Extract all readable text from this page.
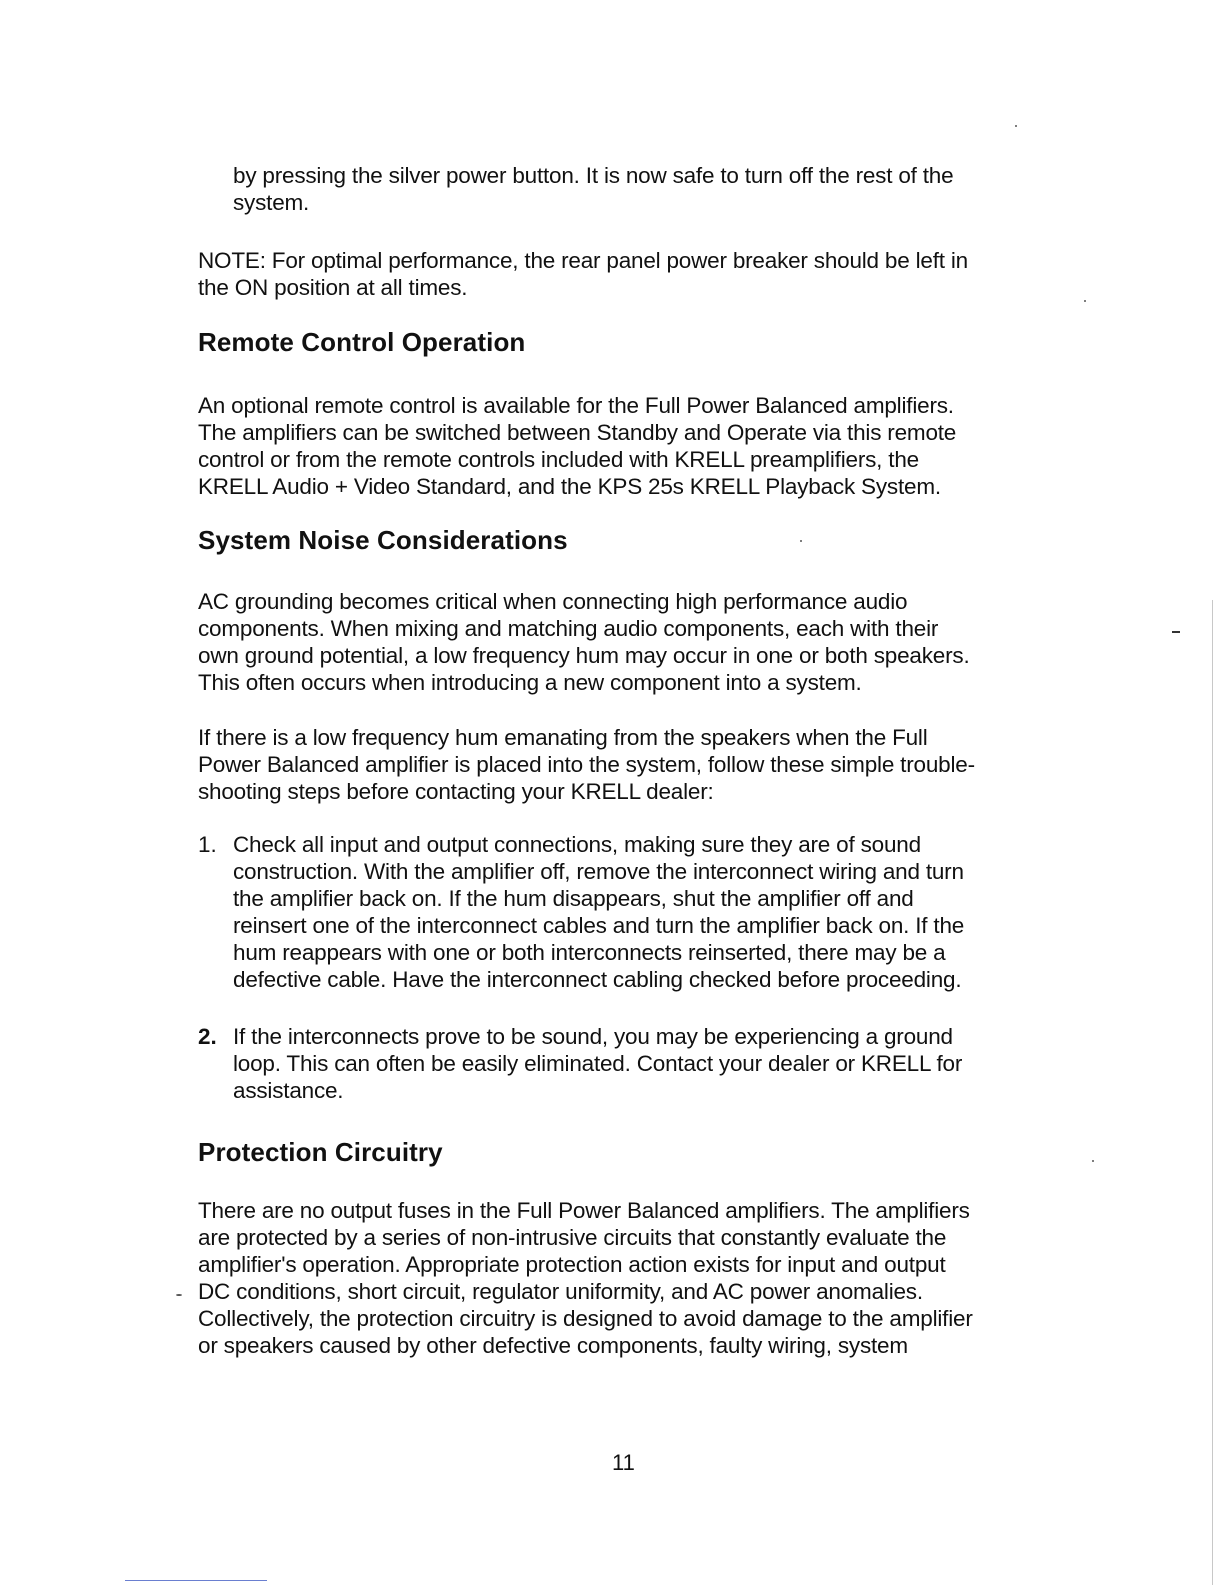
by pressing the silver power button. It is now safe to turn off the rest of the
system.

NOTE: For optimal performance, the rear panel power breaker should be left in
the ON position at all times.

Remote Control Operation

An optional remote control is available for the Full Power Balanced amplifiers.
The amplifiers can be switched between Standby and Operate via this remote
control or from the remote controls included with KRELL preamplifiers, the
KRELL Audio + Video Standard, and the KPS 25s KRELL Playback System.

System Noise Considerations

AC grounding becomes critical when connecting high performance audio
components. When mixing and matching audio components, each with their
own ground potential, a low frequency hum may occur in one or both speakers.
This often occurs when introducing a new component into a system.

If there is a low frequency hum emanating from the speakers when the Full
Power Balanced amplifier is placed into the system, follow these simple trouble-
shooting steps before contacting your KRELL dealer:

1. Check all input and output connections, making sure they are of sound
construction. With the amplifier off, remove the interconnect wiring and turn
the amplifier back on. If the hum disappears, shut the amplifier off and
reinsert one of the interconnect cables and turn the amplifier back on. If the
hum reappears with one or both interconnects reinserted, there may be a
defective cable. Have the interconnect cabling checked before proceeding.

2. If the interconnects prove to be sound, you may be experiencing a ground
loop. This can often be easily eliminated. Contact your dealer or KRELL for
assistance.

Protection Circuitry

There are no output fuses in the Full Power Balanced amplifiers. The amplifiers
are protected by a series of non-intrusive circuits that constantly evaluate the
amplifier's operation. Appropriate protection action exists for input and output
DC conditions, short circuit, regulator uniformity, and AC power anomalies.
Collectively, the protection circuitry is designed to avoid damage to the amplifier
or speakers caused by other defective components, faulty wiring, system

11
